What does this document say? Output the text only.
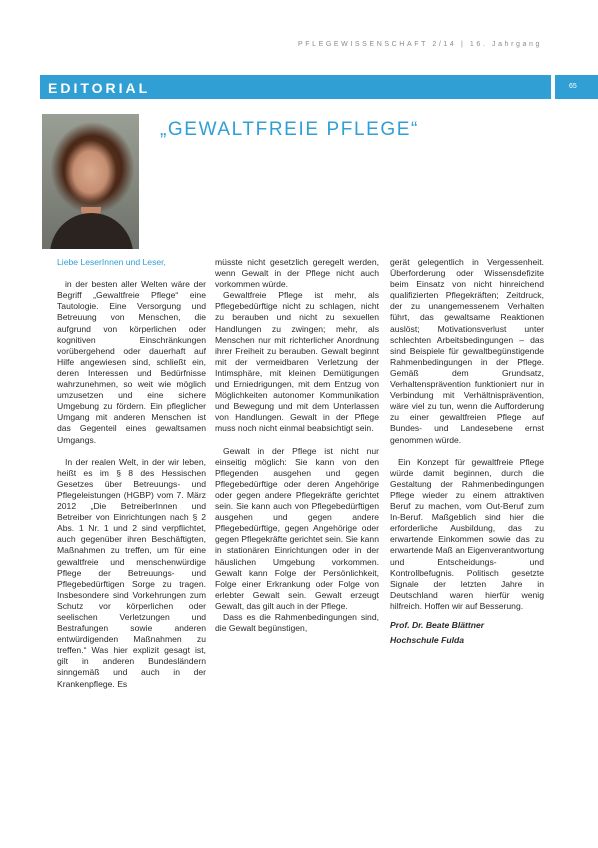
PFLEGEWISSENSCHAFT 2/14 | 16. Jahrgang
EDITORIAL	65
„GEWALTFREIE PFLEGE“

Liebe LeserInnen und Leser,

in der besten aller Welten wäre der Begriff „Gewaltfreie Pflege“ eine Tautologie. Eine Versorgung und Betreuung von Menschen, die aufgrund von körperlichen oder kognitiven Einschränkungen vorübergehend oder dauerhaft auf Hilfe angewiesen sind, schließt ein, deren Interessen und Bedürfnisse wahrzunehmen, so weit wie möglich umzusetzen und eine sichere Umgebung zu fördern. Ein pfleglicher Umgang mit anderen Menschen ist das Gegenteil eines gewaltsamen Umgangs.

In der realen Welt, in der wir leben, heißt es im § 8 des Hessischen Gesetzes über Betreuungs- und Pflegeleistungen (HGBP) vom 7. März 2012 „Die BetreiberInnen und Betreiber von Einrichtungen nach § 2 Abs. 1 Nr. 1 und 2 sind verpflichtet, auch gegenüber ihren Beschäftigten, Maßnahmen zu treffen, um für eine gewaltfreie und menschenwürdige Pflege der Betreuungs- und Pflegebedürftigen Sorge zu tragen. Insbesondere sind Vorkehrungen zum Schutz vor körperlichen oder seelischen Verletzungen und Bestrafungen sowie anderen entwürdigenden Maßnahmen zu treffen.“ Was hier explizit gesagt ist, gilt in anderen Bundesländern sinngemäß und auch in der Krankenpflege. Es

müsste nicht gesetzlich geregelt werden, wenn Gewalt in der Pflege nicht auch vorkommen würde.

Gewaltfreie Pflege ist mehr, als Pflegebedürftige nicht zu schlagen, nicht zu berauben und nicht zu sexuellen Handlungen zu zwingen; mehr, als Menschen nur mit richterlicher Anordnung ihrer Freiheit zu berauben. Gewalt beginnt mit der vermeidbaren Verletzung der Intimsphäre, mit kleinen Demütigungen und Erniedrigungen, mit dem Entzug von Möglichkeiten autonomer Kommunikation und Bewegung und mit dem Unterlassen von Handlungen. Gewalt in der Pflege muss noch nicht einmal beabsichtigt sein.

Gewalt in der Pflege ist nicht nur einseitig möglich: Sie kann von den Pflegenden ausgehen und gegen Pflegebedürftige oder deren Angehörige oder gegen andere Pflegekräfte gerichtet sein. Sie kann auch von Pflegebedürftigen ausgehen und gegen andere Pflegebedürftige, gegen Angehörige oder gegen Pflegekräfte gerichtet sein. Sie kann in stationären Einrichtungen oder in der häuslichen Umgebung vorkommen. Gewalt kann Folge der Persönlichkeit, Folge einer Erkrankung oder Folge von erlebter Gewalt sein. Gewalt erzeugt Gewalt, das gilt auch in der Pflege.

Dass es die Rahmenbedingungen sind, die Gewalt begünstigen,

gerät gelegentlich in Vergessenheit. Überforderung oder Wissensdefizite beim Einsatz von nicht hinreichend qualifizierten Pflegekräften; Zeitdruck, der zu unangemessenem Verhalten führt, das gewaltsame Reaktionen auslöst; Motivationsverlust unter schlechten Arbeitsbedingungen – das sind Beispiele für gewaltbegünstigende Rahmenbedingungen in der Pflege. Gemäß dem Grundsatz, Verhaltensprävention funktioniert nur in Verbindung mit Verhältnisprävention, wäre viel zu tun, wenn die Aufforderung zu einer gewaltfreien Pflege auf Bundes- und Landesebene ernst genommen würde.

Ein Konzept für gewaltfreie Pflege würde damit beginnen, durch die Gestaltung der Rahmenbedingungen Pflege wieder zu einem attraktiven Beruf zu machen, vom Out-Beruf zum In-Beruf. Maßgeblich sind hier die erforderliche Ausbildung, das zu erwartende Einkommen sowie das zu erwartende Maß an Eigenverantwortung und Entscheidungs- und Kontrollbefugnis. Politisch gesetzte Signale der letzten Jahre in Deutschland waren hierfür wenig hilfreich. Hoffen wir auf Besserung.

Prof. Dr. Beate Blättner

Hochschule Fulda
